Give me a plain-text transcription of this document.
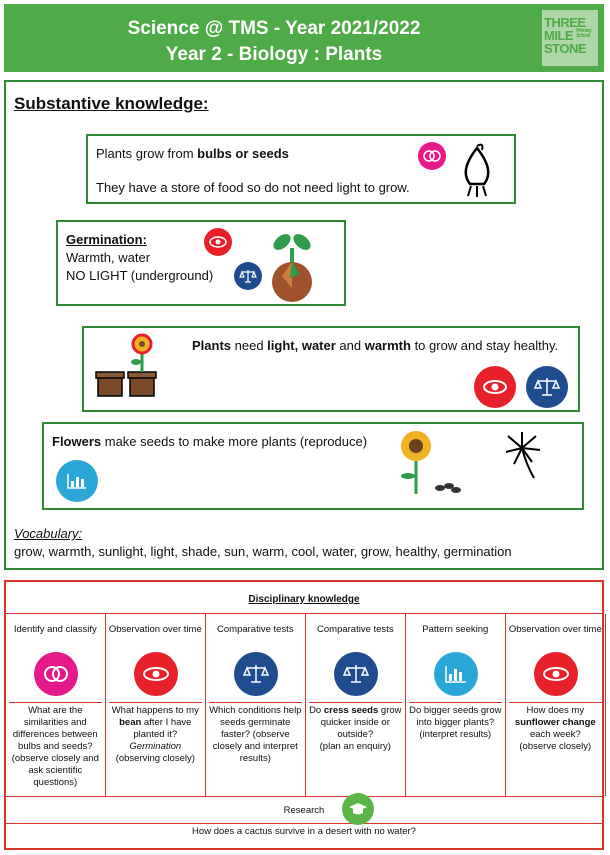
Science @ TMS - Year 2021/2022
Year 2 - Biology : Plants
THREE
MILE Primary School
STONE
Substantive knowledge:
Plants grow from bulbs or seeds
They have a store of food so do not need light to grow.
Germination:
Warmth, water
NO LIGHT (underground)
Plants need light, water and warmth to grow and stay healthy.
Flowers make seeds to make more plants (reproduce)
Vocabulary:
grow, warmth, sunlight, light, shade, sun, warm, cool, water, grow, healthy, germination
Disciplinary knowledge
Identify and classify
What are the similarities and differences between bulbs and seeds? (observe closely and ask scientific questions)
Observation over time
What happens to my bean after I have planted it?
Germination
(observing closely)
Comparative tests
Which conditions help seeds germinate faster? (observe closely and interpret results)
Comparative tests
Do cress seeds grow quicker inside or outside?
(plan an enquiry)
Pattern seeking
Do bigger seeds grow into bigger plants? (interpret results)
Observation over time
How does my sunflower change each week?
(observe closely)
Research
How does a cactus survive in a desert with no water?
